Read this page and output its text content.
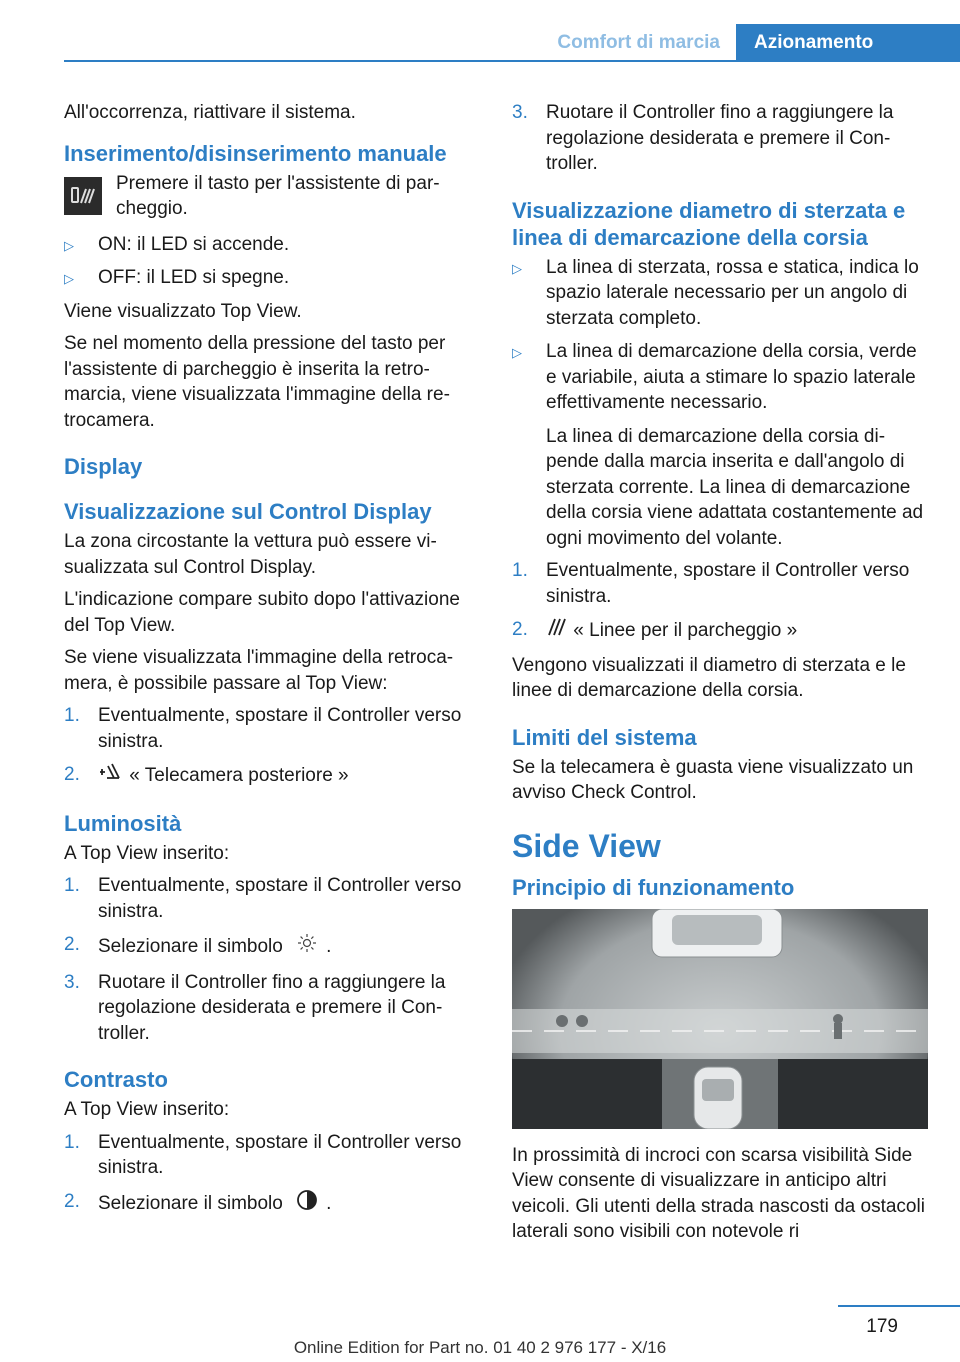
Comfort di marcia	Azionamento

All'occorrenza, riattivare il sistema.

Inserimento/disinserimento manuale

Premere il tasto per l'assistente di parcheggio.

▷ ON: il LED si accende.
▷ OFF: il LED si spegne.

Viene visualizzato Top View.

Se nel momento della pressione del tasto per l'assistente di parcheggio è inserita la retromarcia, viene visualizzata l'immagine della retrocamera.

Display
Visualizzazione sul Control Display

La zona circostante la vettura può essere visualizzata sul Control Display.

L'indicazione compare subito dopo l'attivazione del Top View.

Se viene visualizzata l'immagine della retrocamera, è possibile passare al Top View:

1. Eventualmente, spostare il Controller verso sinistra.
2.	« Telecamera posteriore »
Luminosità

A Top View inserito:

1. Eventualmente, spostare il Controller verso sinistra.
2. Selezionare il simbolo .
3. Ruotare il Controller fino a raggiungere la regolazione desiderata e premere il Controller.
Contrasto

A Top View inserito:

1. Eventualmente, spostare il Controller verso sinistra.
2. Selezionare il simbolo .
3. Ruotare il Controller fino a raggiungere la regolazione desiderata e premere il Controller.
Visualizzazione diametro di sterzata e linea di demarcazione della corsia
▷ La linea di sterzata, rossa e statica, indica lo spazio laterale necessario per un angolo di sterzata completo.
▷ La linea di demarcazione della corsia, verde e variabile, aiuta a stimare lo spazio laterale effettivamente necessario.

La linea di demarcazione della corsia dipende dalla marcia inserita e dall'angolo di sterzata corrente. La linea di demarcazione della corsia viene adattata costantemente ad ogni movimento del volante.

1. Eventualmente, spostare il Controller verso sinistra.
2. « Linee per il parcheggio »

Vengono visualizzati il diametro di sterzata e le linee di demarcazione della corsia.

Limiti del sistema

Se la telecamera è guasta viene visualizzato un avviso Check Control.

Side View
Principio di funzionamento

In prossimità di incroci con scarsa visibilità Side View consente di visualizzare in anticipo altri veicoli. Gli utenti della strada nascosti da ostacoli laterali sono visibili con notevole ri

179
Online Edition for Part no. 01 40 2 976 177 - X/16
